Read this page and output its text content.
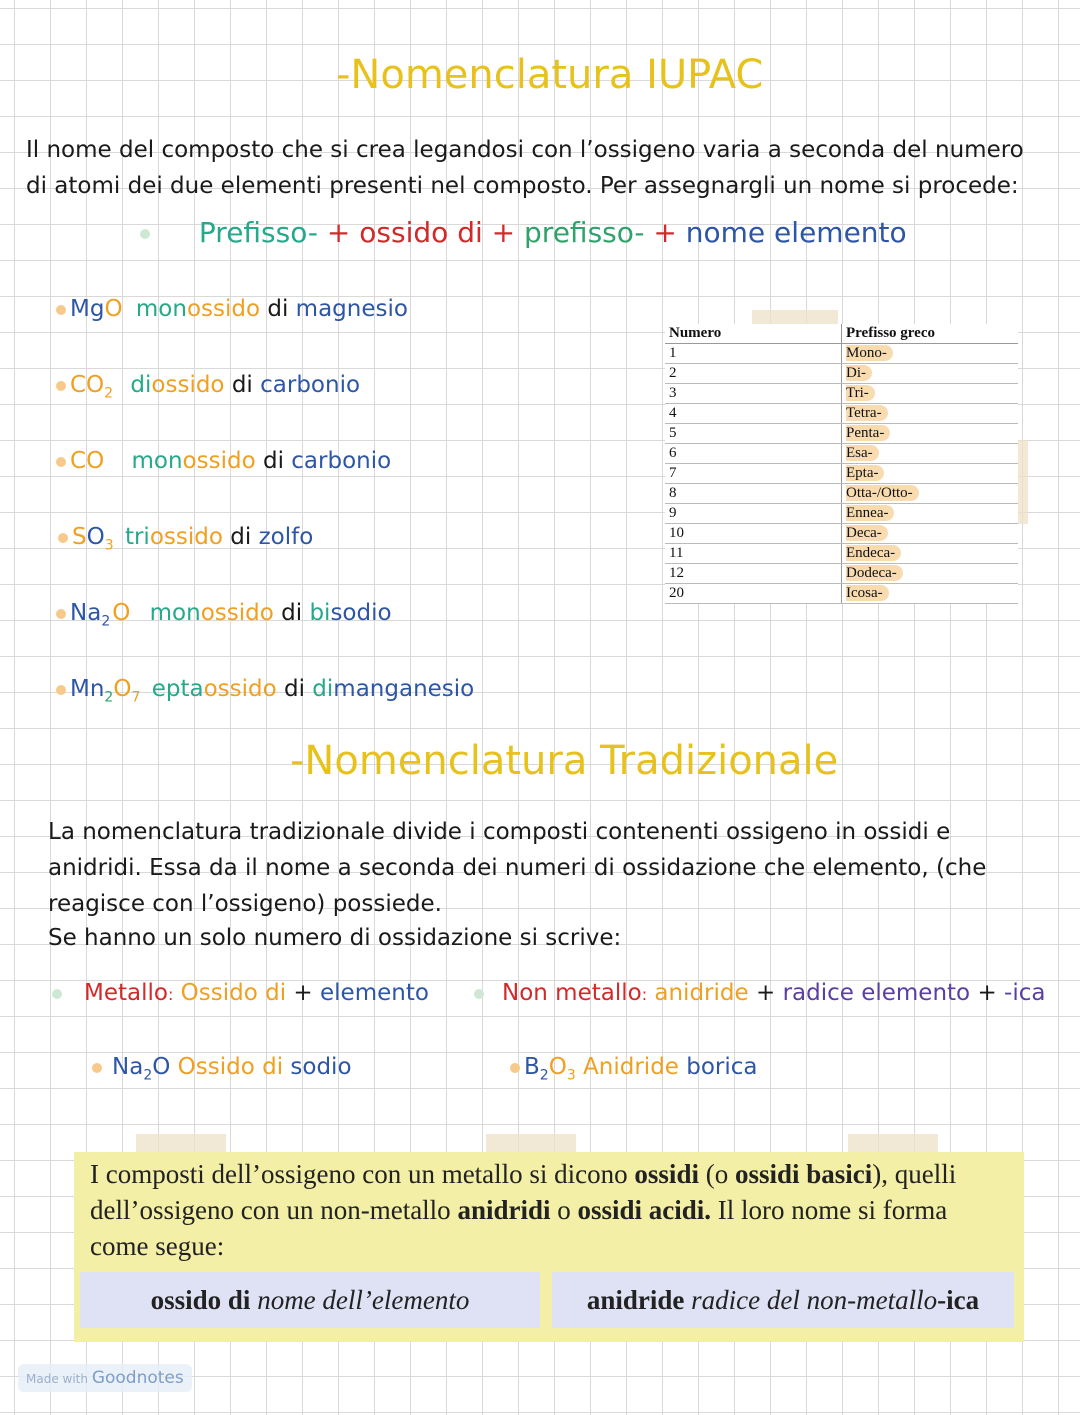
-Nomenclatura IUPAC
Il nome del composto che si crea legandosi con l’ossigeno varia a seconda del numero di atomi dei due elementi presenti nel composto. Per assegnargli un nome si procede:
Prefisso- + ossido di + prefisso- + nome elemento
MgO monossido di magnesio
$CO_2$ diossido di carbonio
CO monossido di carbonio
$SO_3$ triossido di zolfo
$Na_2O$ monossido di bisodio
$Mn_2O_7$ eptaossido di dimanganesio
Numero	Prefisso greco
1	Mono-
2	Di-
3	Tri-
4	Tetra-
5	Penta-
6	Esa-
7	Epta-
8	Otta-/Otto-
9	Ennea-
10	Deca-
11	Endeca-
12	Dodeca-
20	Icosa-
-Nomenclatura Tradizionale
La nomenclatura tradizionale divide i composti contenenti ossigeno in ossidi e anidridi. Essa da il nome a seconda dei numeri di ossidazione che elemento, (che reagisce con l’ossigeno) possiede.
Se hanno un solo numero di ossidazione si scrive:
Metallo: Ossido di + elemento	Non metallo: anidride + radice elemento + -ica
$Na_2O$ Ossido di sodio	$B_2O_3$ Anidride borica
I composti dell’ossigeno con un metallo si dicono ossidi (o ossidi basici), quelli dell’ossigeno con un non-metallo anidridi o ossidi acidi. Il loro nome si forma come segue:
ossido di
nome dell’elemento	anidride
radice del non-metallo -ica
Made with Goodnotes
